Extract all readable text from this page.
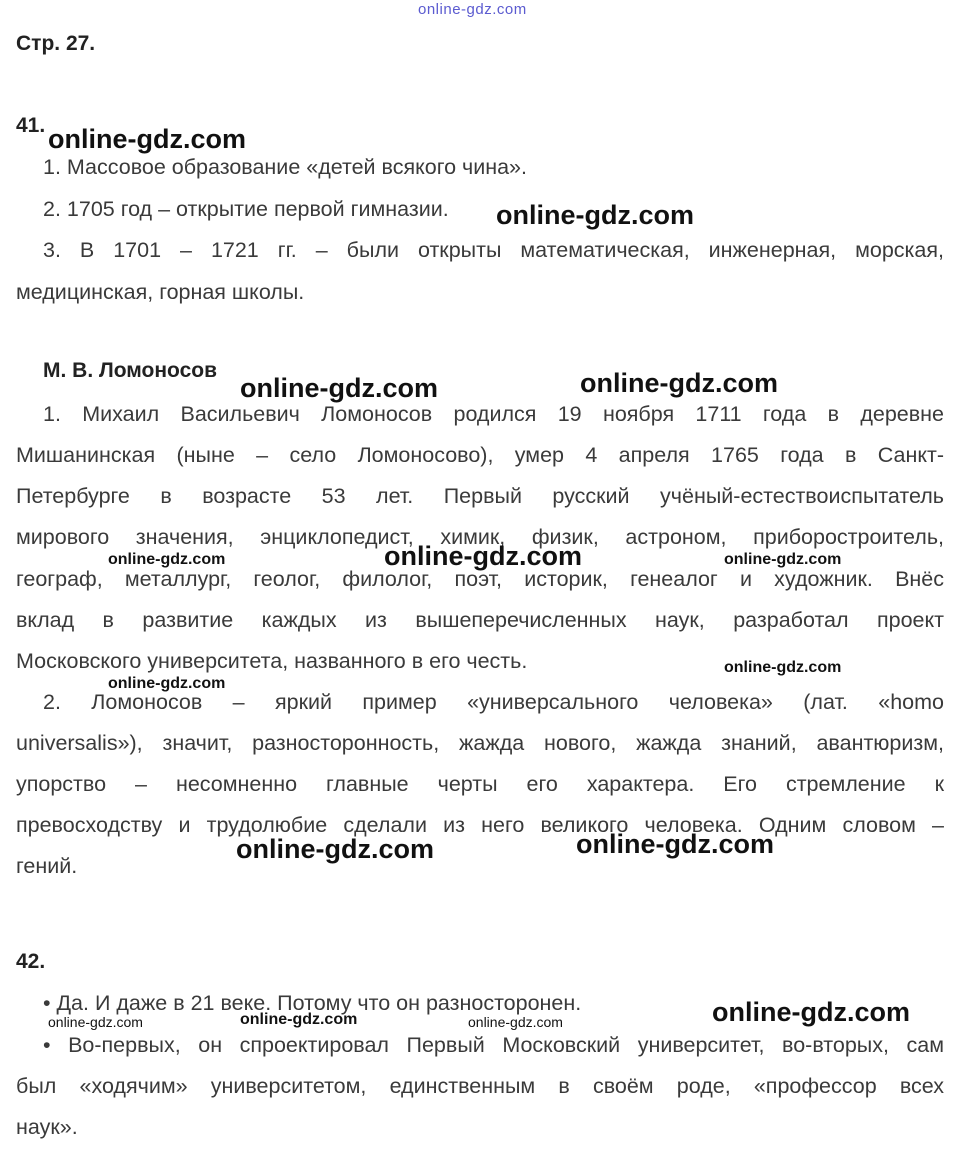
online-gdz.com
Стр. 27.
41.
1. Массовое образование «детей всякого чина».
2. 1705 год – открытие первой гимназии.
3. В 1701 – 1721 гг. – были открыты математическая, инженерная, морская,
медицинская, горная школы.
М. В. Ломоносов
1. Михаил Васильевич Ломоносов родился 19 ноября 1711 года в деревне
Мишанинская (ныне – село Ломоносово), умер 4 апреля 1765 года в Санкт-
Петербурге в возрасте 53 лет. Первый русский учёный-естествоиспытатель
мирового значения, энциклопедист, химик, физик, астроном, приборостроитель,
географ, металлург, геолог, филолог, поэт, историк, генеалог и художник. Внёс
вклад в развитие каждых из вышеперечисленных наук, разработал проект
Московского университета, названного в его честь.
2. Ломоносов – яркий пример «универсального человека» (лат. «homo
universalis»), значит, разносторонность, жажда нового, жажда знаний, авантюризм,
упорство – несомненно главные черты его характера. Его стремление к
превосходству и трудолюбие сделали из него великого человека. Одним словом –
гений.
42.
• Да. И даже в 21 веке. Потому что он разносторонен.
• Во-первых, он спроектировал Первый Московский университет, во-вторых, сам
был «ходячим» университетом, единственным в своём роде, «профессор всех
наук».
online-gdz.com
online-gdz.com
online-gdz.com	online-gdz.com
online-gdz.com	online-gdz.com	online-gdz.com
online-gdz.com
online-gdz.com
online-gdz.com	online-gdz.com
online-gdz.com
online-gdz.com	online-gdz.com	online-gdz.com
